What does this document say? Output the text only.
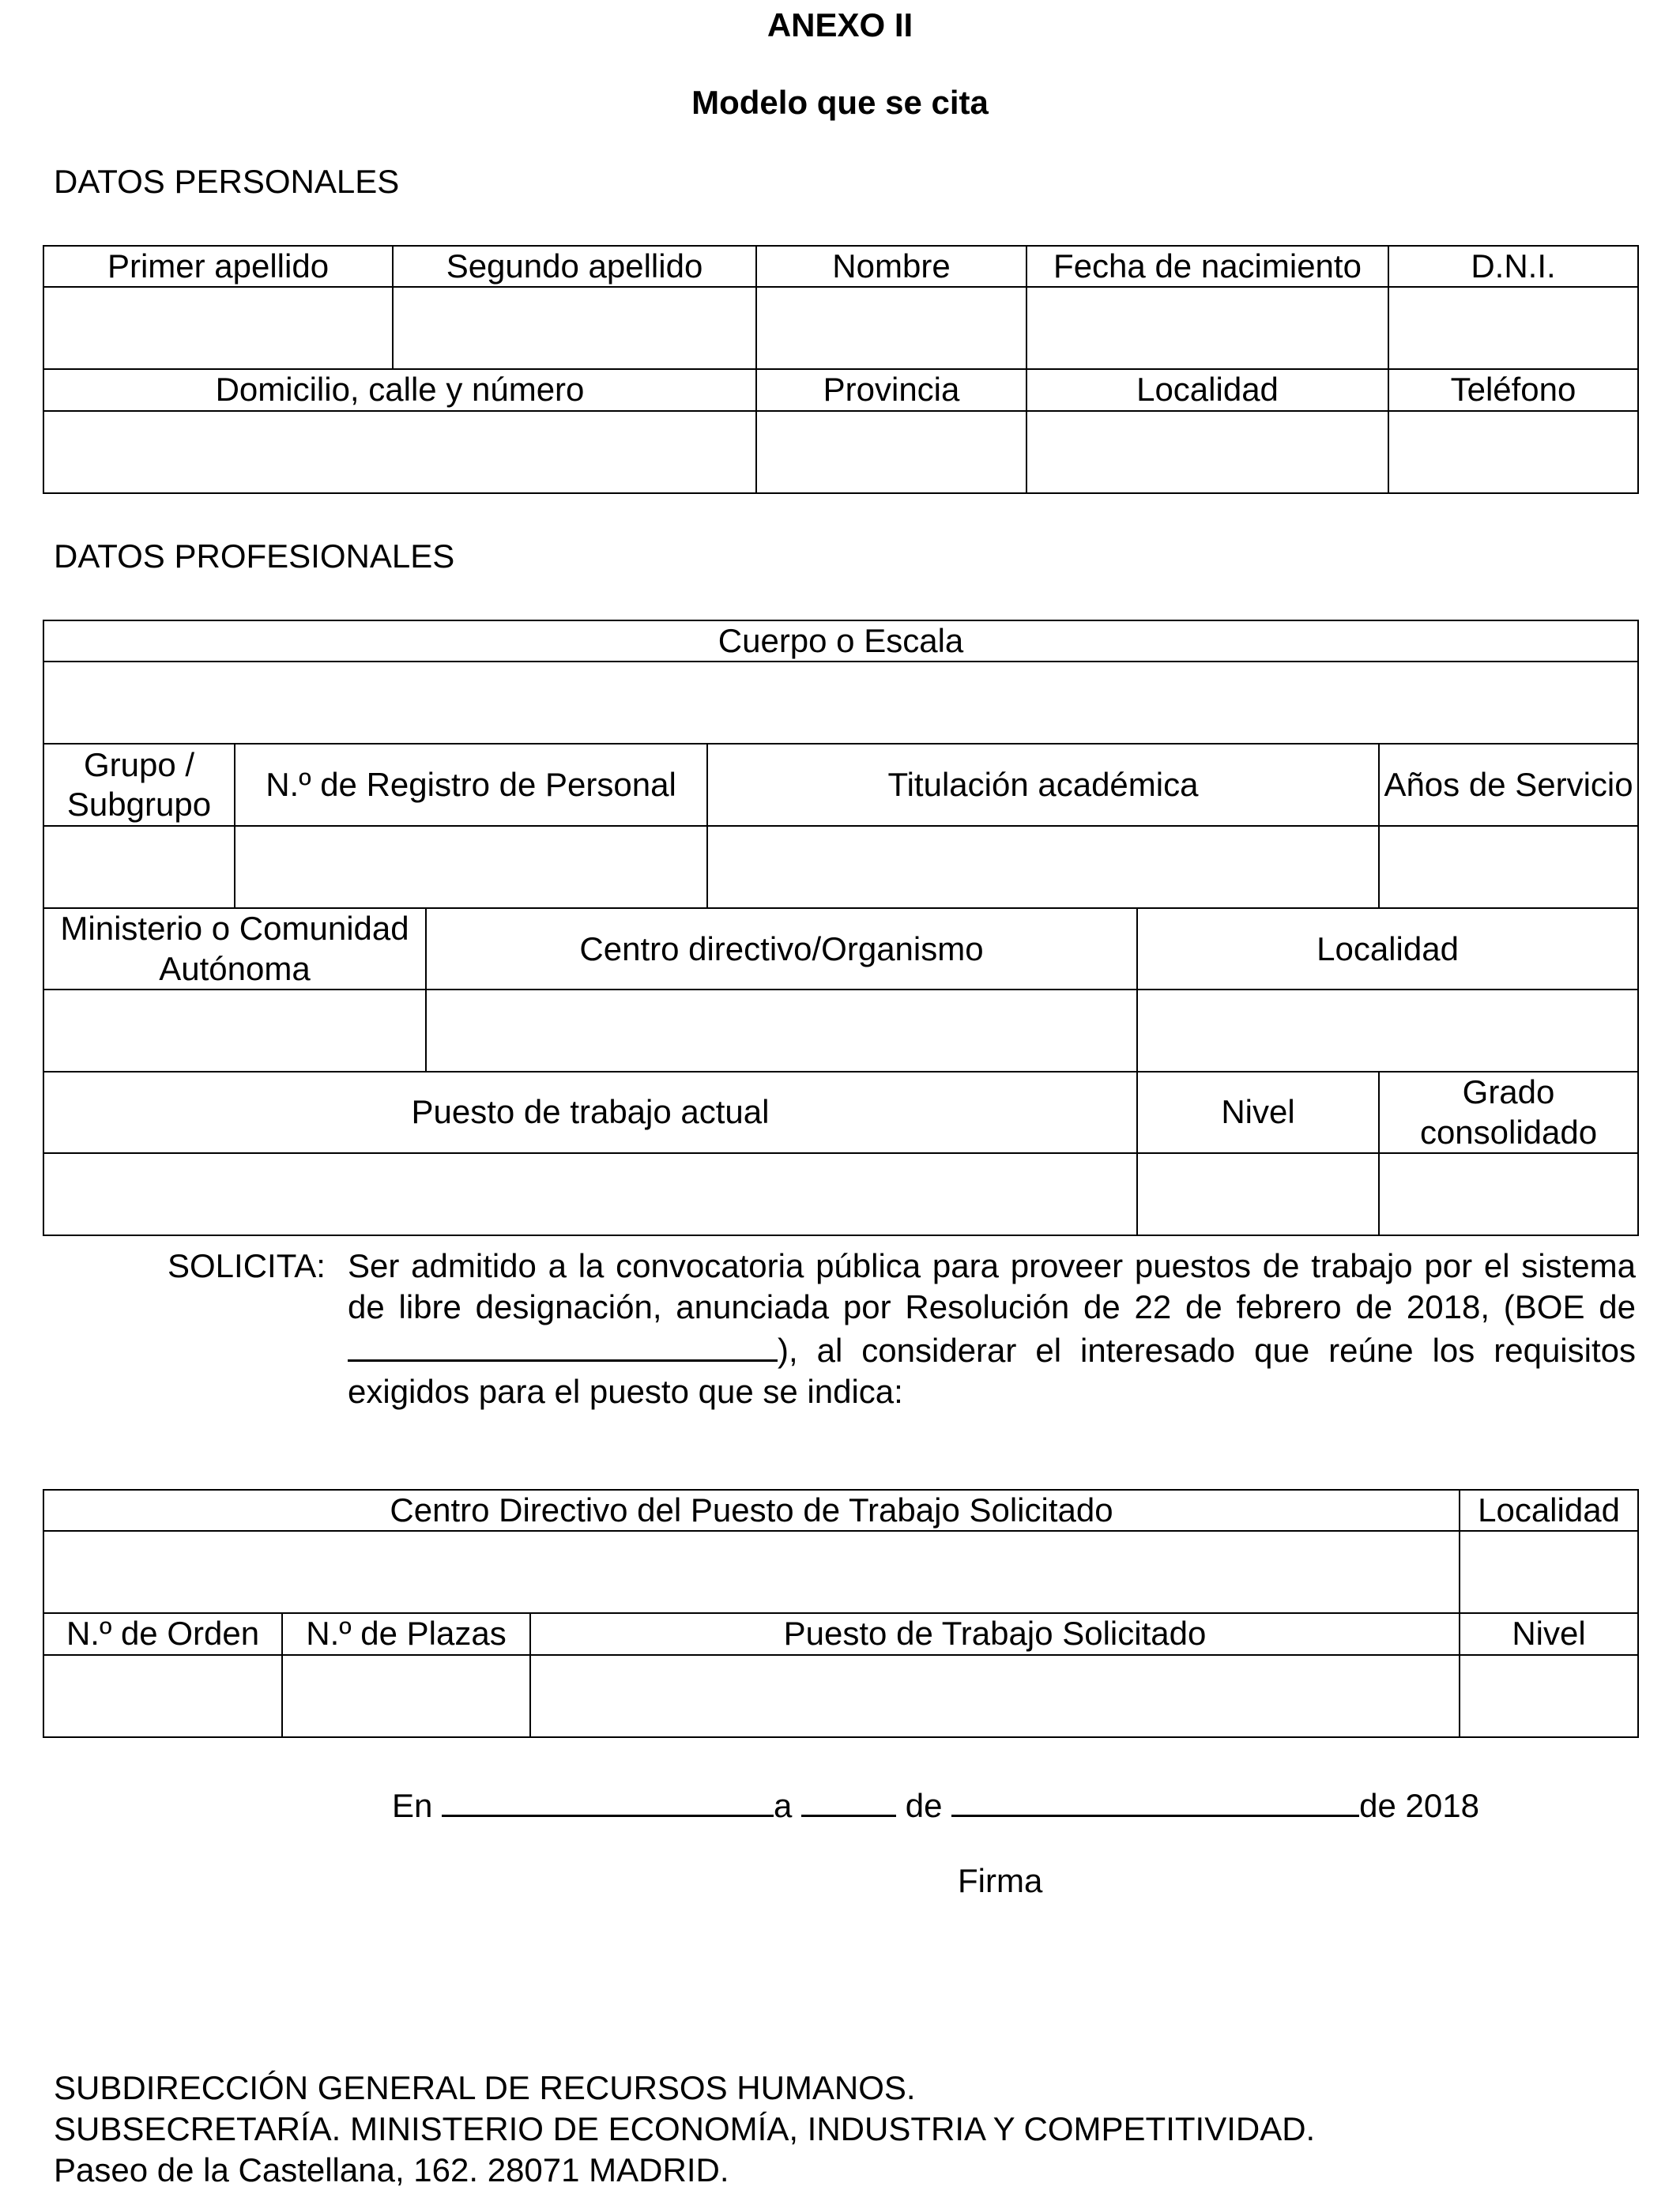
ANEXO II
Modelo que se cita
DATOS PERSONALES
Primer apellido	Segundo apellido	Nombre	Fecha de nacimiento	D.N.I.

Domicilio, calle y número		Provincia	Localidad	Teléfono

DATOS PROFESIONALES
Cuerpo o Escala					

Grupo / Subgrupo	N.º de Registro de Personal		Titulación académica		Años de Servicio

Ministerio o Comunidad Autónoma		Centro directivo/Organismo		Localidad	

Puesto de trabajo actual				Nivel	Grado consolidado

SOLICITA: Ser admitido a la convocatoria pública para proveer puestos de trabajo por el sistema de libre designación, anunciada por Resolución de 22 de febrero de 2018, (BOE de), al considerar el interesado que reúne los requisitos exigidos para el puesto que se indica:
Centro Directivo del Puesto de Trabajo Solicitado			Localidad

N.º de Orden	N.º de Plazas	Puesto de Trabajo Solicitado	Nivel

En	a	de	de 2018
Firma
SUBDIRECCIÓN GENERAL DE RECURSOS HUMANOS.
SUBSECRETARÍA. MINISTERIO DE ECONOMÍA, INDUSTRIA Y COMPETITIVIDAD.
Paseo de la Castellana, 162. 28071 MADRID.
